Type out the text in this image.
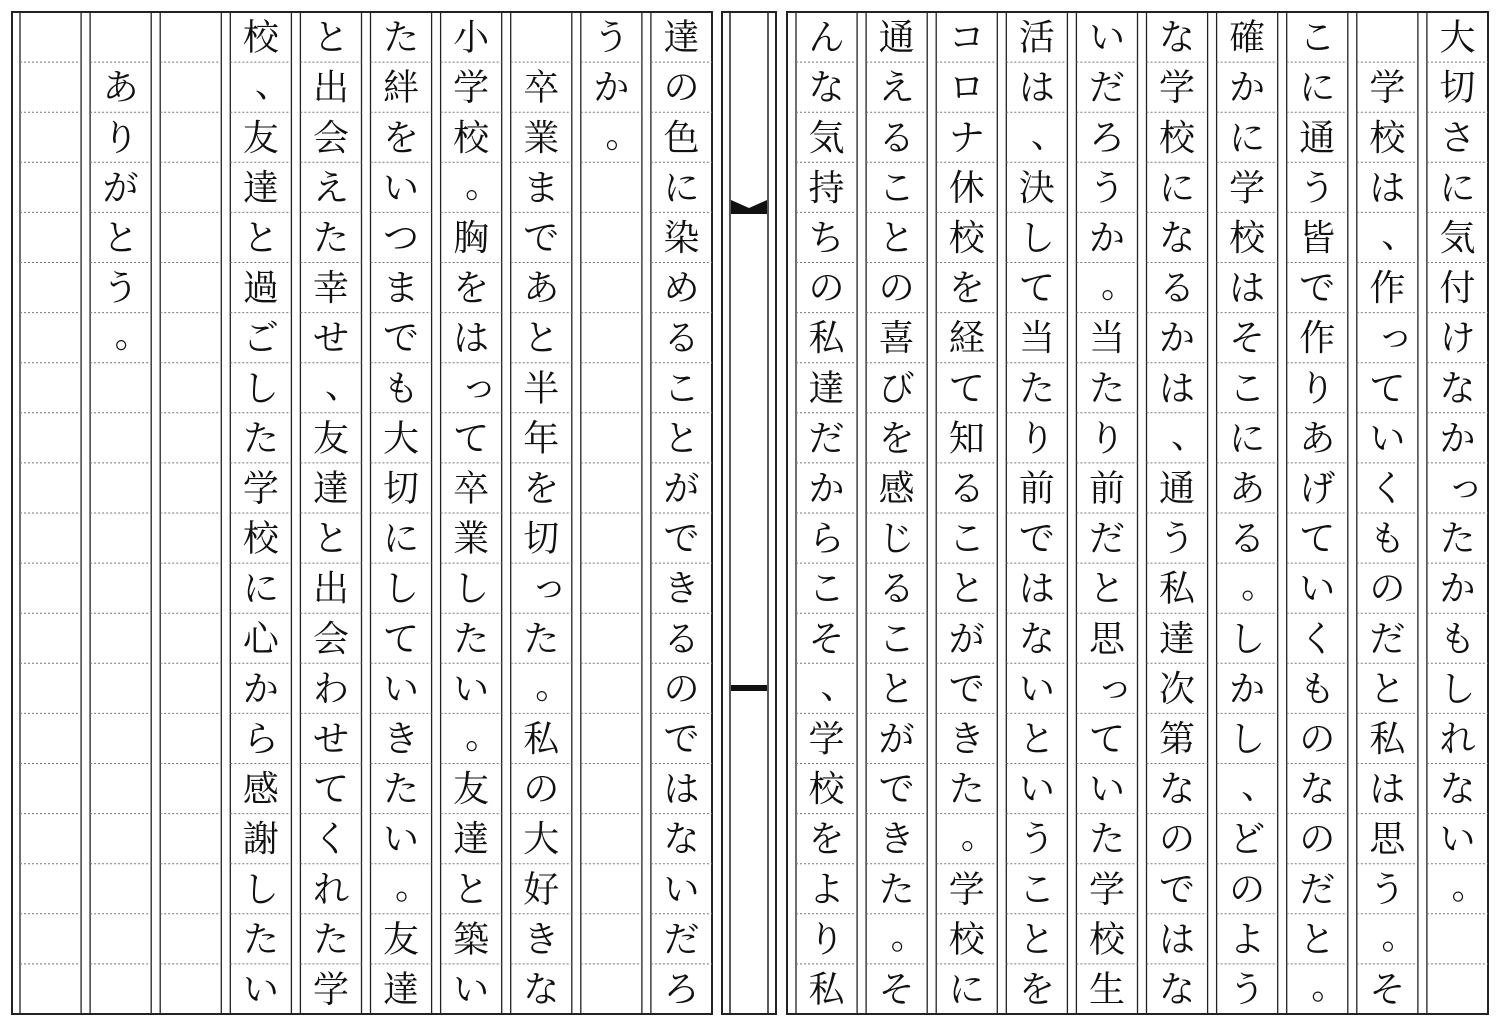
大
切
さ
に
気
付
け
な
か
っ
た
か
も
し
れ
な
い
。
学
校
は
、
作
っ
て
い
く
も
の
だ
と
私
は
思
う
。
そ
こ
に
通
う
皆
で
作
り
あ
げ
て
い
く
も
の
な
の
だ
と
。
確
か
に
学
校
は
そ
こ
に
あ
る
。
し
か
し
、
ど
の
よ
う
な
学
校
に
な
る
か
は
、
通
う
私
達
次
第
な
の
で
は
な
い
だ
ろ
う
か
。
当
た
り
前
だ
と
思
っ
て
い
た
学
校
生
活
は
、
決
し
て
当
た
り
前
で
は
な
い
と
い
う
こ
と
を
コ
ロ
ナ
休
校
を
経
て
知
る
こ
と
が
で
き
た
。
学
校
に
通
え
る
こ
と
の
喜
び
を
感
じ
る
こ
と
が
で
き
た
。
そ
ん
な
気
持
ち
の
私
達
だ
か
ら
こ
そ
、
学
校
を
よ
り
私
達
の
色
に
染
め
る
こ
と
が
で
き
る
の
で
は
な
い
だ
ろ
う
か
。
卒
業
ま
で
あ
と
半
年
を
切
っ
た
。
私
の
大
好
き
な
小
学
校
。
胸
を
は
っ
て
卒
業
し
た
い
。
友
達
と
築
い
た
絆
を
い
つ
ま
で
も
大
切
に
し
て
い
き
た
い
。
友
達
と
出
会
え
た
幸
せ
、
友
達
と
出
会
わ
せ
て
く
れ
た
学
校
、
友
達
と
過
ご
し
た
学
校
に
心
か
ら
感
謝
し
た
い
あ
り
が
と
う
。
